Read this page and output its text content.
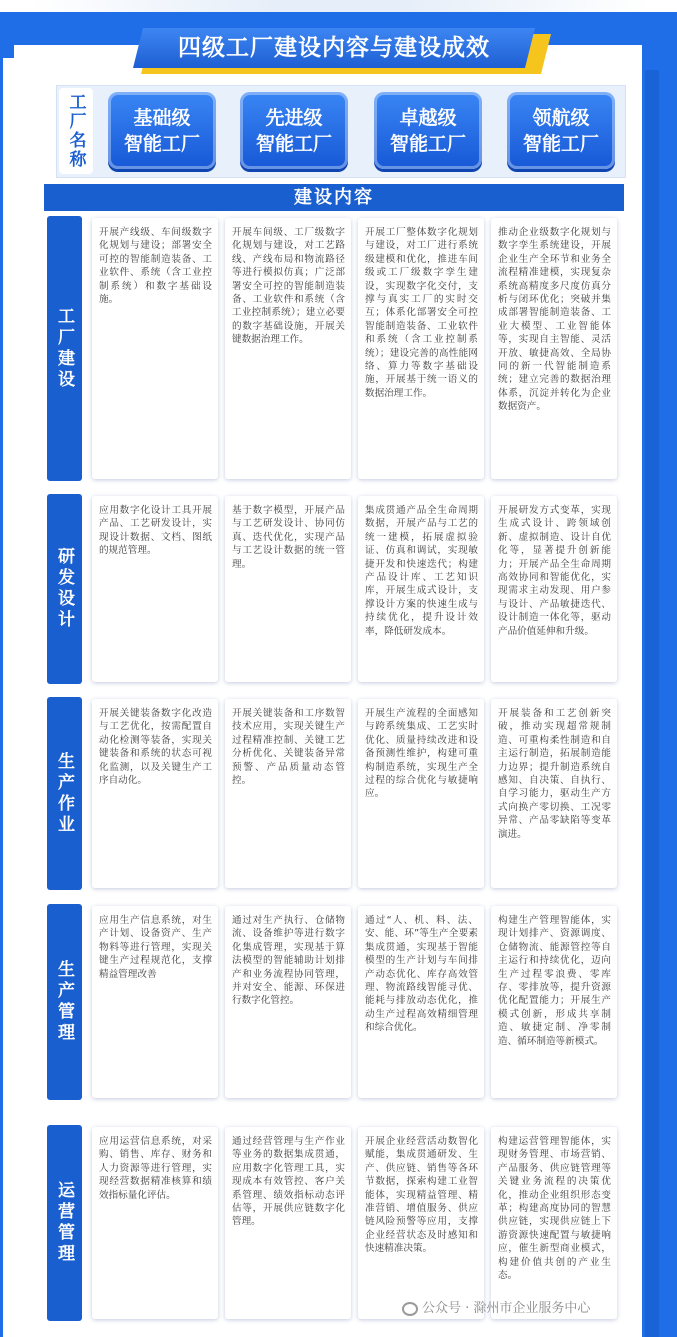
四级工厂建设内容与建设成效
工厂名称	基础级
智能工厂
先进级
智能工厂
卓越级
智能工厂
领航级
智能工厂
建设内容
工厂建设
开展产线级、车间级数字化规划与建设；部署安全可控的智能制造装备、工业软件、系统（含工业控制系统）和数字基础设施。
开展车间级、工厂级数字化规划与建设，对工艺路线、产线布局和物流路径等进行模拟仿真；广泛部署安全可控的智能制造装备、工业软件和系统（含工业控制系统）；建立必要的数字基础设施，开展关键数据治理工作。
开展工厂整体数字化规划与建设，对工厂进行系统级建模和优化，推进车间级或工厂级数字孪生建设，实现数字化交付，支撑与真实工厂的实时交互；体系化部署安全可控智能制造装备、工业软件和系统（含工业控制系统）；建设完善的高性能网络、算力等数字基础设施，开展基于统一语义的数据治理工作。
推动企业级数字化规划与数字孪生系统建设，开展企业生产全环节和业务全流程精准建模，实现复杂系统高精度多尺度仿真分析与闭环优化；突破并集成部署智能制造装备、工业大模型、工业智能体等，实现自主智能、灵活开放、敏捷高效、全局协同的新一代智能制造系统；建立完善的数据治理体系，沉淀并转化为企业数据资产。
研发设计
应用数字化设计工具开展产品、工艺研发设计，实现设计数据、文档、图纸的规范管理。
基于数字模型，开展产品与工艺研发设计、协同仿真、迭代优化，实现产品与工艺设计数据的统一管理。
集成贯通产品全生命周期数据，开展产品与工艺的统一建模，拓展虚拟验证、仿真和调试，实现敏捷开发和快速迭代；构建产品设计库、工艺知识库，开展生成式设计，支撑设计方案的快速生成与持续优化，提升设计效率，降低研发成本。
开展研发方式变革，实现生成式设计、跨领域创新、虚拟制造、设计自优化等，显著提升创新能力；开展产品全生命周期高效协同和智能优化，实现需求主动发现、用户参与设计、产品敏捷迭代、设计制造一体化等，驱动产品价值延伸和升级。
生产作业
开展关键装备数字化改造与工艺优化，按需配置自动化检测等装备，实现关键装备和系统的状态可视化监测，以及关键生产工序自动化。
开展关键装备和工序数智技术应用，实现关键生产过程精准控制、关键工艺分析优化、关键装备异常预警、产品质量动态管控。
开展生产流程的全面感知与跨系统集成、工艺实时优化、质量持续改进和设备预测性维护，构建可重构制造系统，实现生产全过程的综合优化与敏捷响应。
开展装备和工艺创新突破，推动实现超常规制造、可重构柔性制造和自主运行制造，拓展制造能力边界；提升制造系统自感知、自决策、自执行、自学习能力，驱动生产方式向换产零切换、工况零异常、产品零缺陷等变革演进。
生产管理
应用生产信息系统，对生产计划、设备资产、生产物料等进行管理，实现关键生产过程规范化，支撑精益管理改善
通过对生产执行、仓储物流、设备维护等进行数字化集成管理，实现基于算法模型的智能辅助计划排产和业务流程协同管理，并对安全、能源、环保进行数字化管控。
通过“人、机、料、法、安、能、环”等生产全要素集成贯通，实现基于智能模型的生产计划与车间排产动态优化、库存高效管理、物流路线智能寻优、能耗与排放动态优化，推动生产过程高效精细管理和综合优化。
构建生产管理智能体，实现计划排产、资源调度、仓储物流、能源管控等自主运行和持续优化，迈向生产过程零浪费、零库存、零排放等，提升资源优化配置能力；开展生产模式创新，形成共享制造、敏捷定制、净零制造、循环制造等新模式。
运营管理
应用运营信息系统，对采购、销售、库存、财务和人力资源等进行管理，实现经营数据精准核算和绩效指标量化评估。
通过经营管理与生产作业等业务的数据集成贯通，应用数字化管理工具，实现成本有效管控、客户关系管理、绩效指标动态评估等，开展供应链数字化管理。
开展企业经营活动数智化赋能，集成贯通研发、生产、供应链、销售等各环节数据，探索构建工业智能体，实现精益管理、精准营销、增值服务、供应链风险预警等应用，支撑企业经营状态及时感知和快速精准决策。
构建运营管理智能体，实现财务管理、市场营销、产品服务、供应链管理等关键业务流程的决策优化，推动企业组织形态变革；构建高度协同的智慧供应链，实现供应链上下游资源快速配置与敏捷响应，催生新型商业模式，构建价值共创的产业生态。
公众号 · 滁州市企业服务中心
